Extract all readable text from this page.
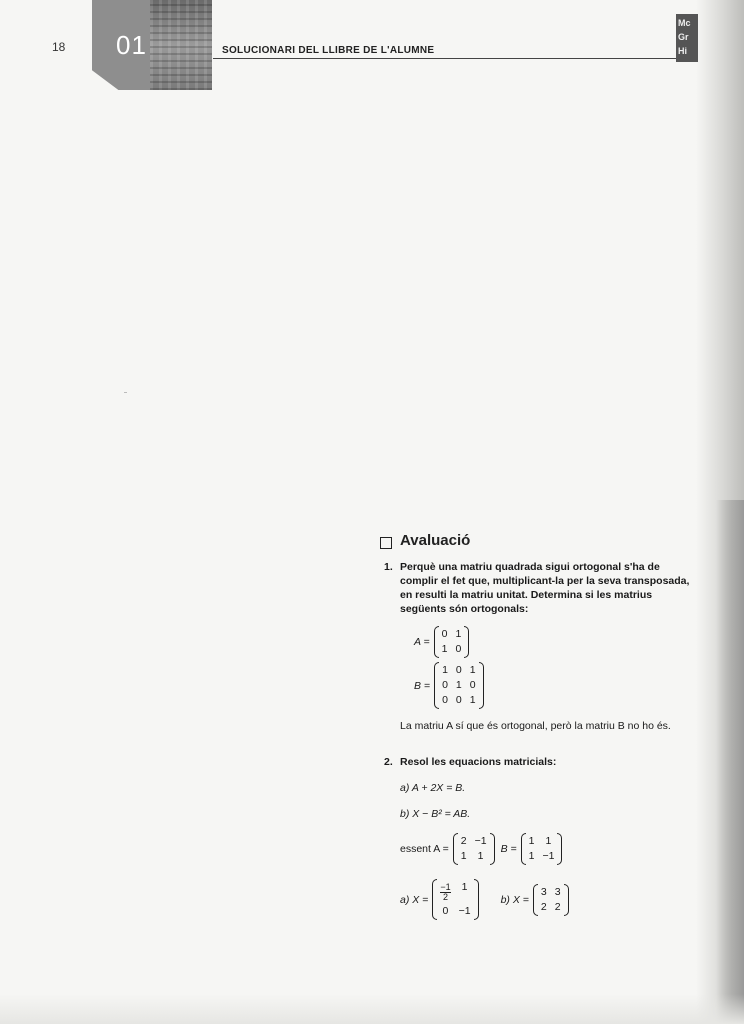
18 01	SOLUCIONARI DEL LLIBRE DE L'ALUMNE
Mc Gr Hi
Avaluació
1. Perquè una matriu quadrada sigui ortogonal s'ha de complir el fet que, multiplicant-la per la seva transposada, en resulti la matriu unitat. Determina si les matrius següents són ortogonals:
A =
0 1
1 0
B =
1 0 1
0 1 0
0 0 1
La matriu A sí que és ortogonal, però la matriu B no ho és.
2. Resol les equacions matricials:
a) A + 2X = B.
b) X − B² = AB.
essent A =
2 −1
1 1
B =
1 1
1 −1
a) $X = \frac{-1}{2} 1$
0 −1
b) X =
3 3
2 2
